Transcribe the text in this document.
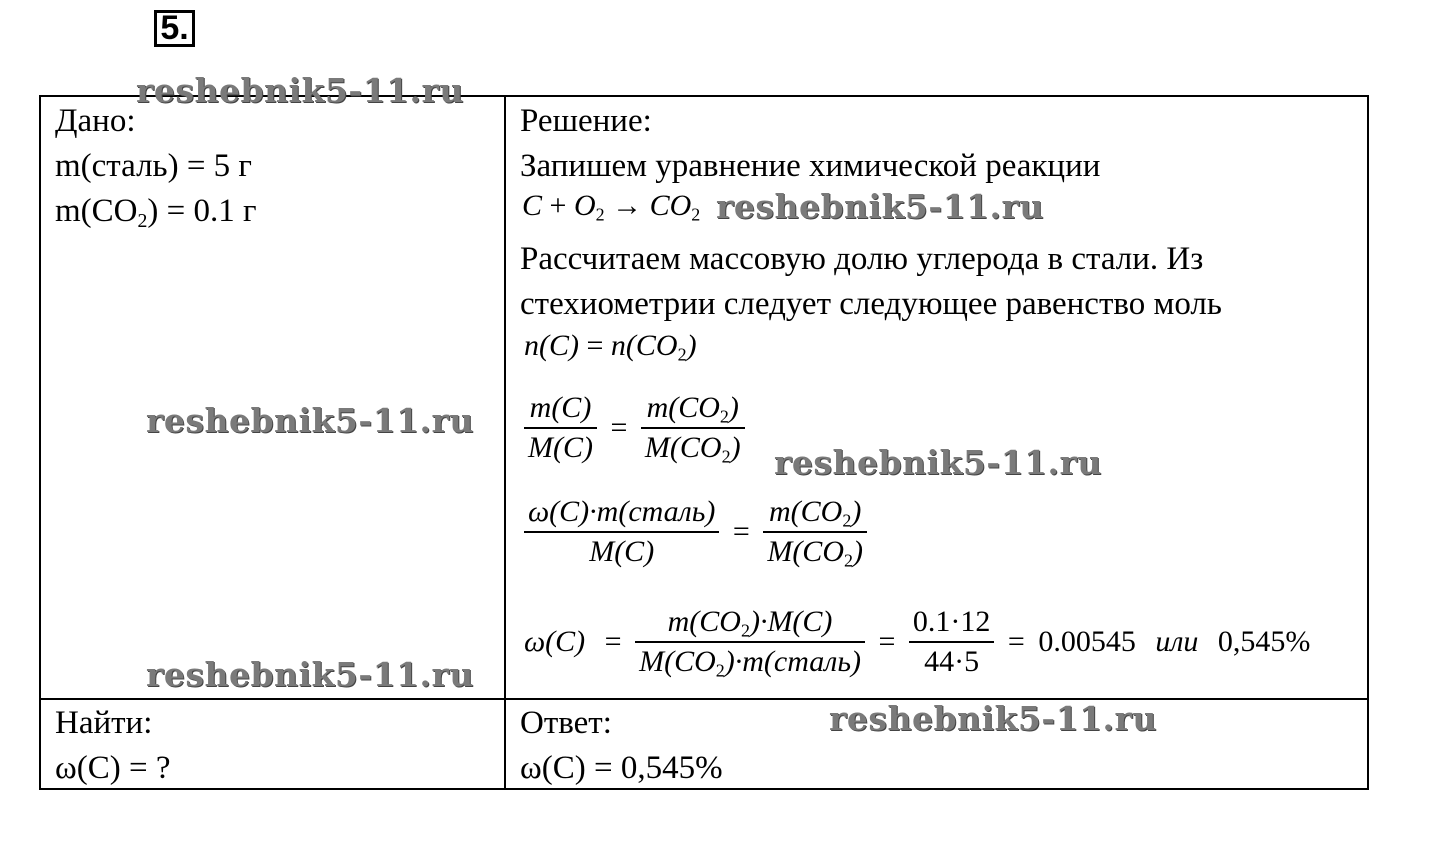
5.
Дано:
m(сталь) = 5 г
$m(CO_2) = 0.1$ г
Решение:
Запишем уравнение химической реакции
$C + O_2 \to CO_2$
Рассчитаем массовую долю углерода в стали. Из
стехиометрии следует следующее равенство моль
$n(C) = n(CO_2)$
$\frac{m(C)}{M(C)} = \frac{m(CO_2)}{M(CO_2)}$
$\frac{\text{ω(C)·m(сталь)}}{M(C)} = \frac{m(CO_2)}{M(CO_2)}$
$\omega(C) = \frac{m(CO_2)\cdot M(C)}{M(CO_2)\cdot m(сталь)} = \frac{0.1\cdot 12}{44\cdot 5} = 0.00545$ или 0,545%
Найти:
ω(C) = ?
Ответ:
ω(C) = 0,545%
reshebnik5-11.ru
reshebnik5-11.ru
reshebnik5-11.ru
reshebnik5-11.ru
reshebnik5-11.ru
reshebnik5-11.ru
